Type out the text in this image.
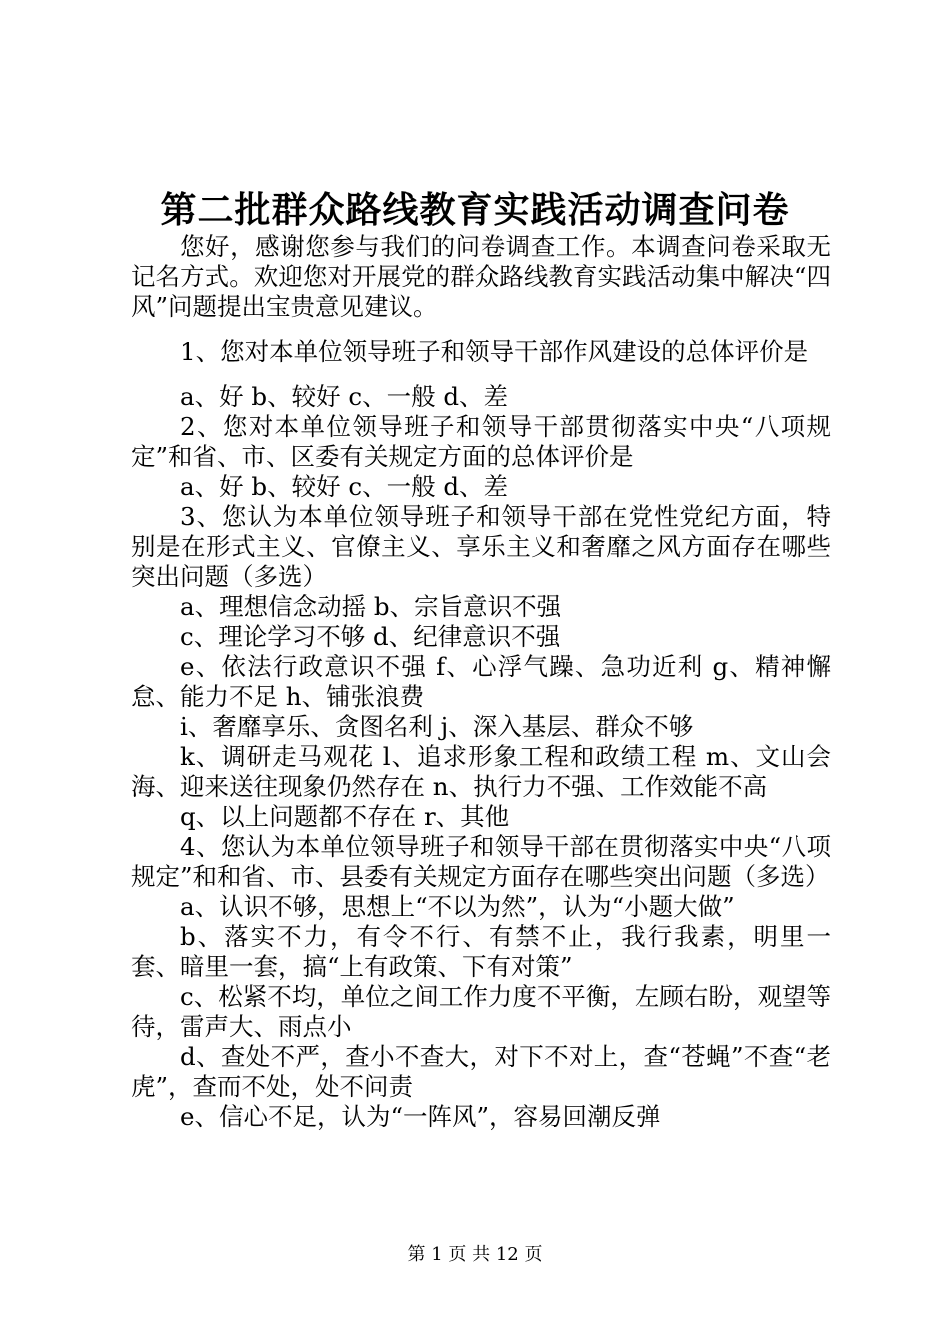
第二批群众路线教育实践活动调查问卷

您好，感谢您参与我们的问卷调查工作。本调查问卷采取无记名方式。欢迎您对开展党的群众路线教育实践活动集中解决“四风”问题提出宝贵意见建议。

1、您对本单位领导班子和领导干部作风建设的总体评价是

a、好 b、较好 c、一般 d、差

2、您对本单位领导班子和领导干部贯彻落实中央“八项规定”和省、市、区委有关规定方面的总体评价是

a、好 b、较好 c、一般 d、差

3、您认为本单位领导班子和领导干部在党性党纪方面，特别是在形式主义、官僚主义、享乐主义和奢靡之风方面存在哪些突出问题（多选）

a、理想信念动摇 b、宗旨意识不强

c、理论学习不够 d、纪律意识不强

e、依法行政意识不强 f、心浮气躁、急功近利 g、精神懈怠、能力不足 h、铺张浪费

i、奢靡享乐、贪图名利 j、深入基层、群众不够

k、调研走马观花 l、追求形象工程和政绩工程 m、文山会海、迎来送往现象仍然存在 n、执行力不强、工作效能不高

q、以上问题都不存在 r、其他

4、您认为本单位领导班子和领导干部在贯彻落实中央“八项规定”和和省、市、县委有关规定方面存在哪些突出问题（多选）

a、认识不够，思想上“不以为然”，认为“小题大做”

b、落实不力，有令不行、有禁不止，我行我素，明里一套、暗里一套，搞“上有政策、下有对策”

c、松紧不均，单位之间工作力度不平衡，左顾右盼，观望等待，雷声大、雨点小

d、查处不严，查小不查大，对下不对上，查“苍蝇”不查“老虎”，查而不处，处不问责

e、信心不足，认为“一阵风”，容易回潮反弹

第 1 页 共 12 页
